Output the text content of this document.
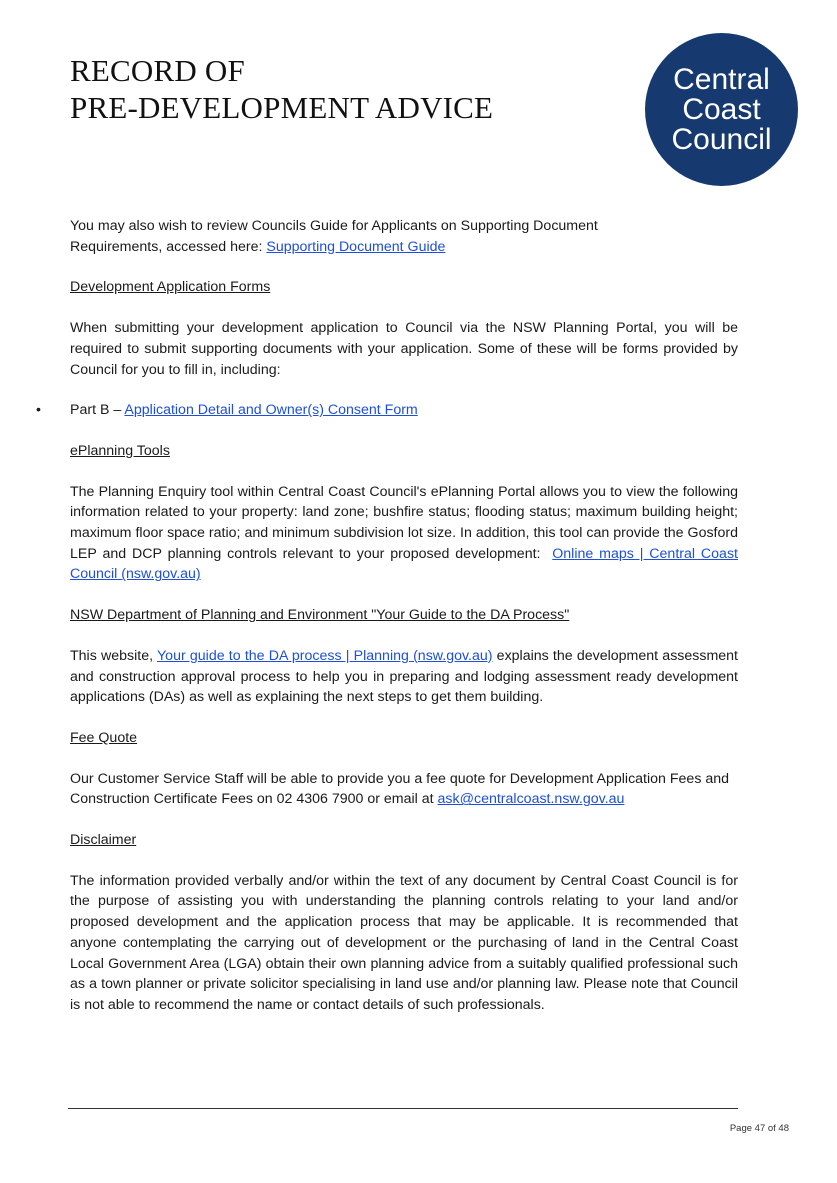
RECORD OF
PRE-DEVELOPMENT ADVICE
Central
Coast
Council

You may also wish to review Councils Guide for Applicants on Supporting Document
Requirements, accessed here: Supporting Document Guide

Development Application Forms

When submitting your development application to Council via the NSW Planning Portal, you will be required to submit supporting documents with your application. Some of these will be forms provided by Council for you to fill in, including:

• Part B – Application Detail and Owner(s) Consent Form

ePlanning Tools

The Planning Enquiry tool within Central Coast Council's ePlanning Portal allows you to view the following information related to your property: land zone; bushfire status; flooding status; maximum building height; maximum floor space ratio; and minimum subdivision lot size. In addition, this tool can provide the Gosford LEP and DCP planning controls relevant to your proposed development: Online maps | Central Coast Council (nsw.gov.au)

NSW Department of Planning and Environment "Your Guide to the DA Process"

This website, Your guide to the DA process | Planning (nsw.gov.au) explains the development assessment and construction approval process to help you in preparing and lodging assessment ready development applications (DAs) as well as explaining the next steps to get them building.

Fee Quote

Our Customer Service Staff will be able to provide you a fee quote for Development Application Fees and Construction Certificate Fees on 02 4306 7900 or email at ask@centralcoast.nsw.gov.au

Disclaimer

The information provided verbally and/or within the text of any document by Central Coast Council is for the purpose of assisting you with understanding the planning controls relating to your land and/or proposed development and the application process that may be applicable. It is recommended that anyone contemplating the carrying out of development or the purchasing of land in the Central Coast Local Government Area (LGA) obtain their own planning advice from a suitably qualified professional such as a town planner or private solicitor specialising in land use and/or planning law. Please note that Council is not able to recommend the name or contact details of such professionals.

Page 47 of 48
